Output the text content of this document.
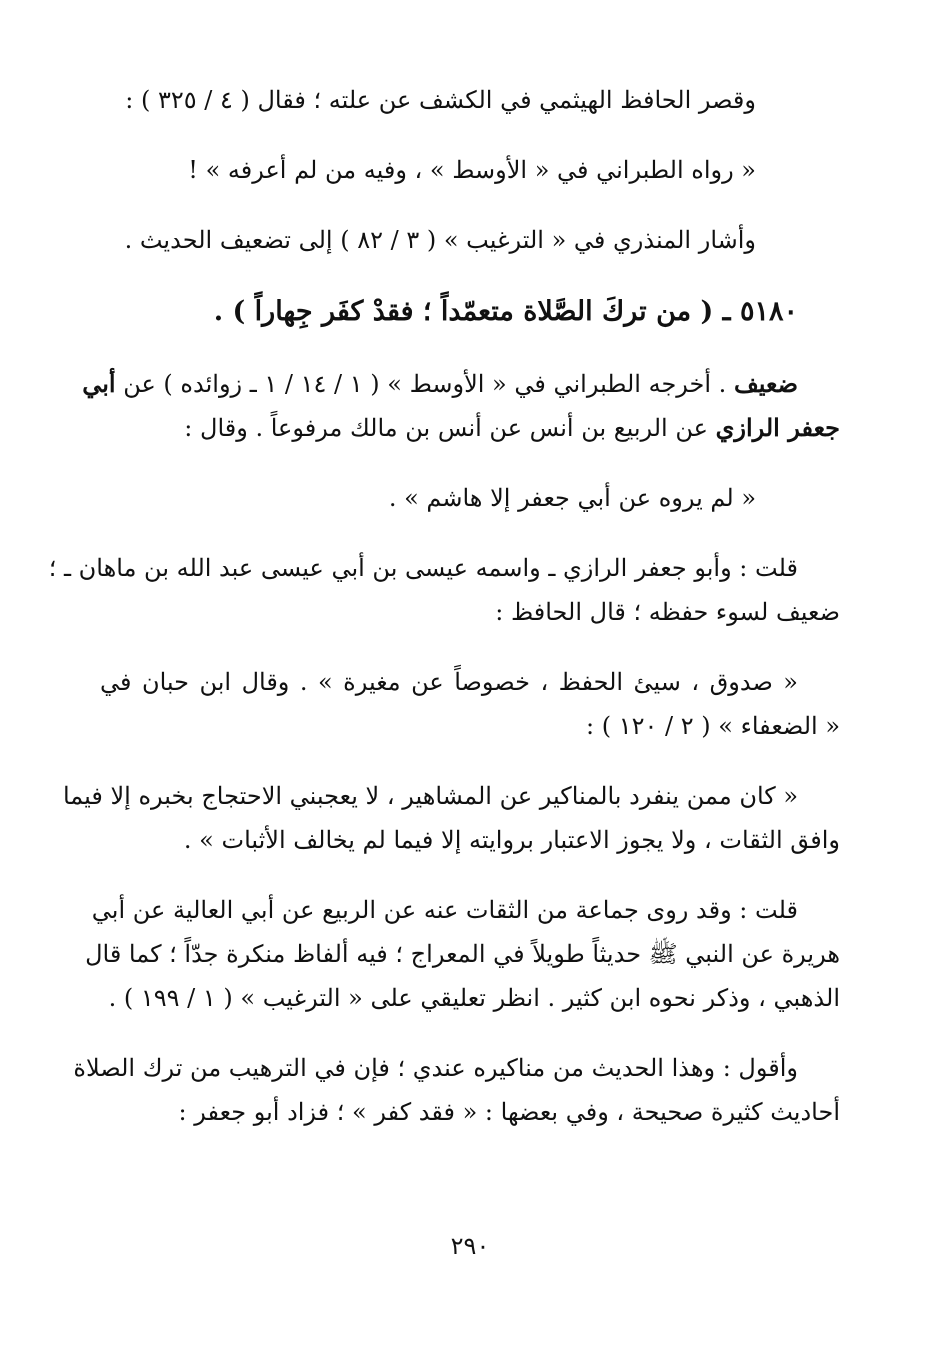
وقصر الحافظ الهيثمي في الكشف عن علته ؛ فقال ( ٤ / ٣٢٥ ) :
« رواه الطبراني في « الأوسط » ، وفيه من لم أعرفه » !
وأشار المنذري في « الترغيب » ( ٣ / ٨٢ ) إلى تضعيف الحديث .
٥١٨٠ ـ ( من تركَ الصَّلاة متعمّداً ؛ فقدْ كفَر جِهاراً ) .
ضعيف . أخرجه الطبراني في « الأوسط » ( ١ / ١٤ / ١ ـ زوائده ) عن أبي
جعفر الرازي عن الربيع بن أنس عن أنس بن مالك مرفوعاً . وقال :
« لم يروه عن أبي جعفر إلا هاشم » .
قلت : وأبو جعفر الرازي ـ واسمه عيسى بن أبي عيسى عبد الله بن ماهان ـ ؛
ضعيف لسوء حفظه ؛ قال الحافظ :
« صدوق ، سيئ الحفظ ، خصوصاً عن مغيرة » . وقال ابن حبان في
« الضعفاء » ( ٢ / ١٢٠ ) :
« كان ممن ينفرد بالمناكير عن المشاهير ، لا يعجبني الاحتجاج بخبره إلا فيما
وافق الثقات ، ولا يجوز الاعتبار بروايته إلا فيما لم يخالف الأثبات » .
قلت : وقد روى جماعة من الثقات عنه عن الربيع عن أبي العالية عن أبي
هريرة عن النبي ﷺ حديثاً طويلاً في المعراج ؛ فيه ألفاظ منكرة جدّاً ؛ كما قال
الذهبي ، وذكر نحوه ابن كثير . انظر تعليقي على « الترغيب » ( ١ / ١٩٩ ) .
وأقول : وهذا الحديث من مناكيره عندي ؛ فإن في الترهيب من ترك الصلاة
أحاديث كثيرة صحيحة ، وفي بعضها : « فقد كفر » ؛ فزاد أبو جعفر :
٢٩٠
